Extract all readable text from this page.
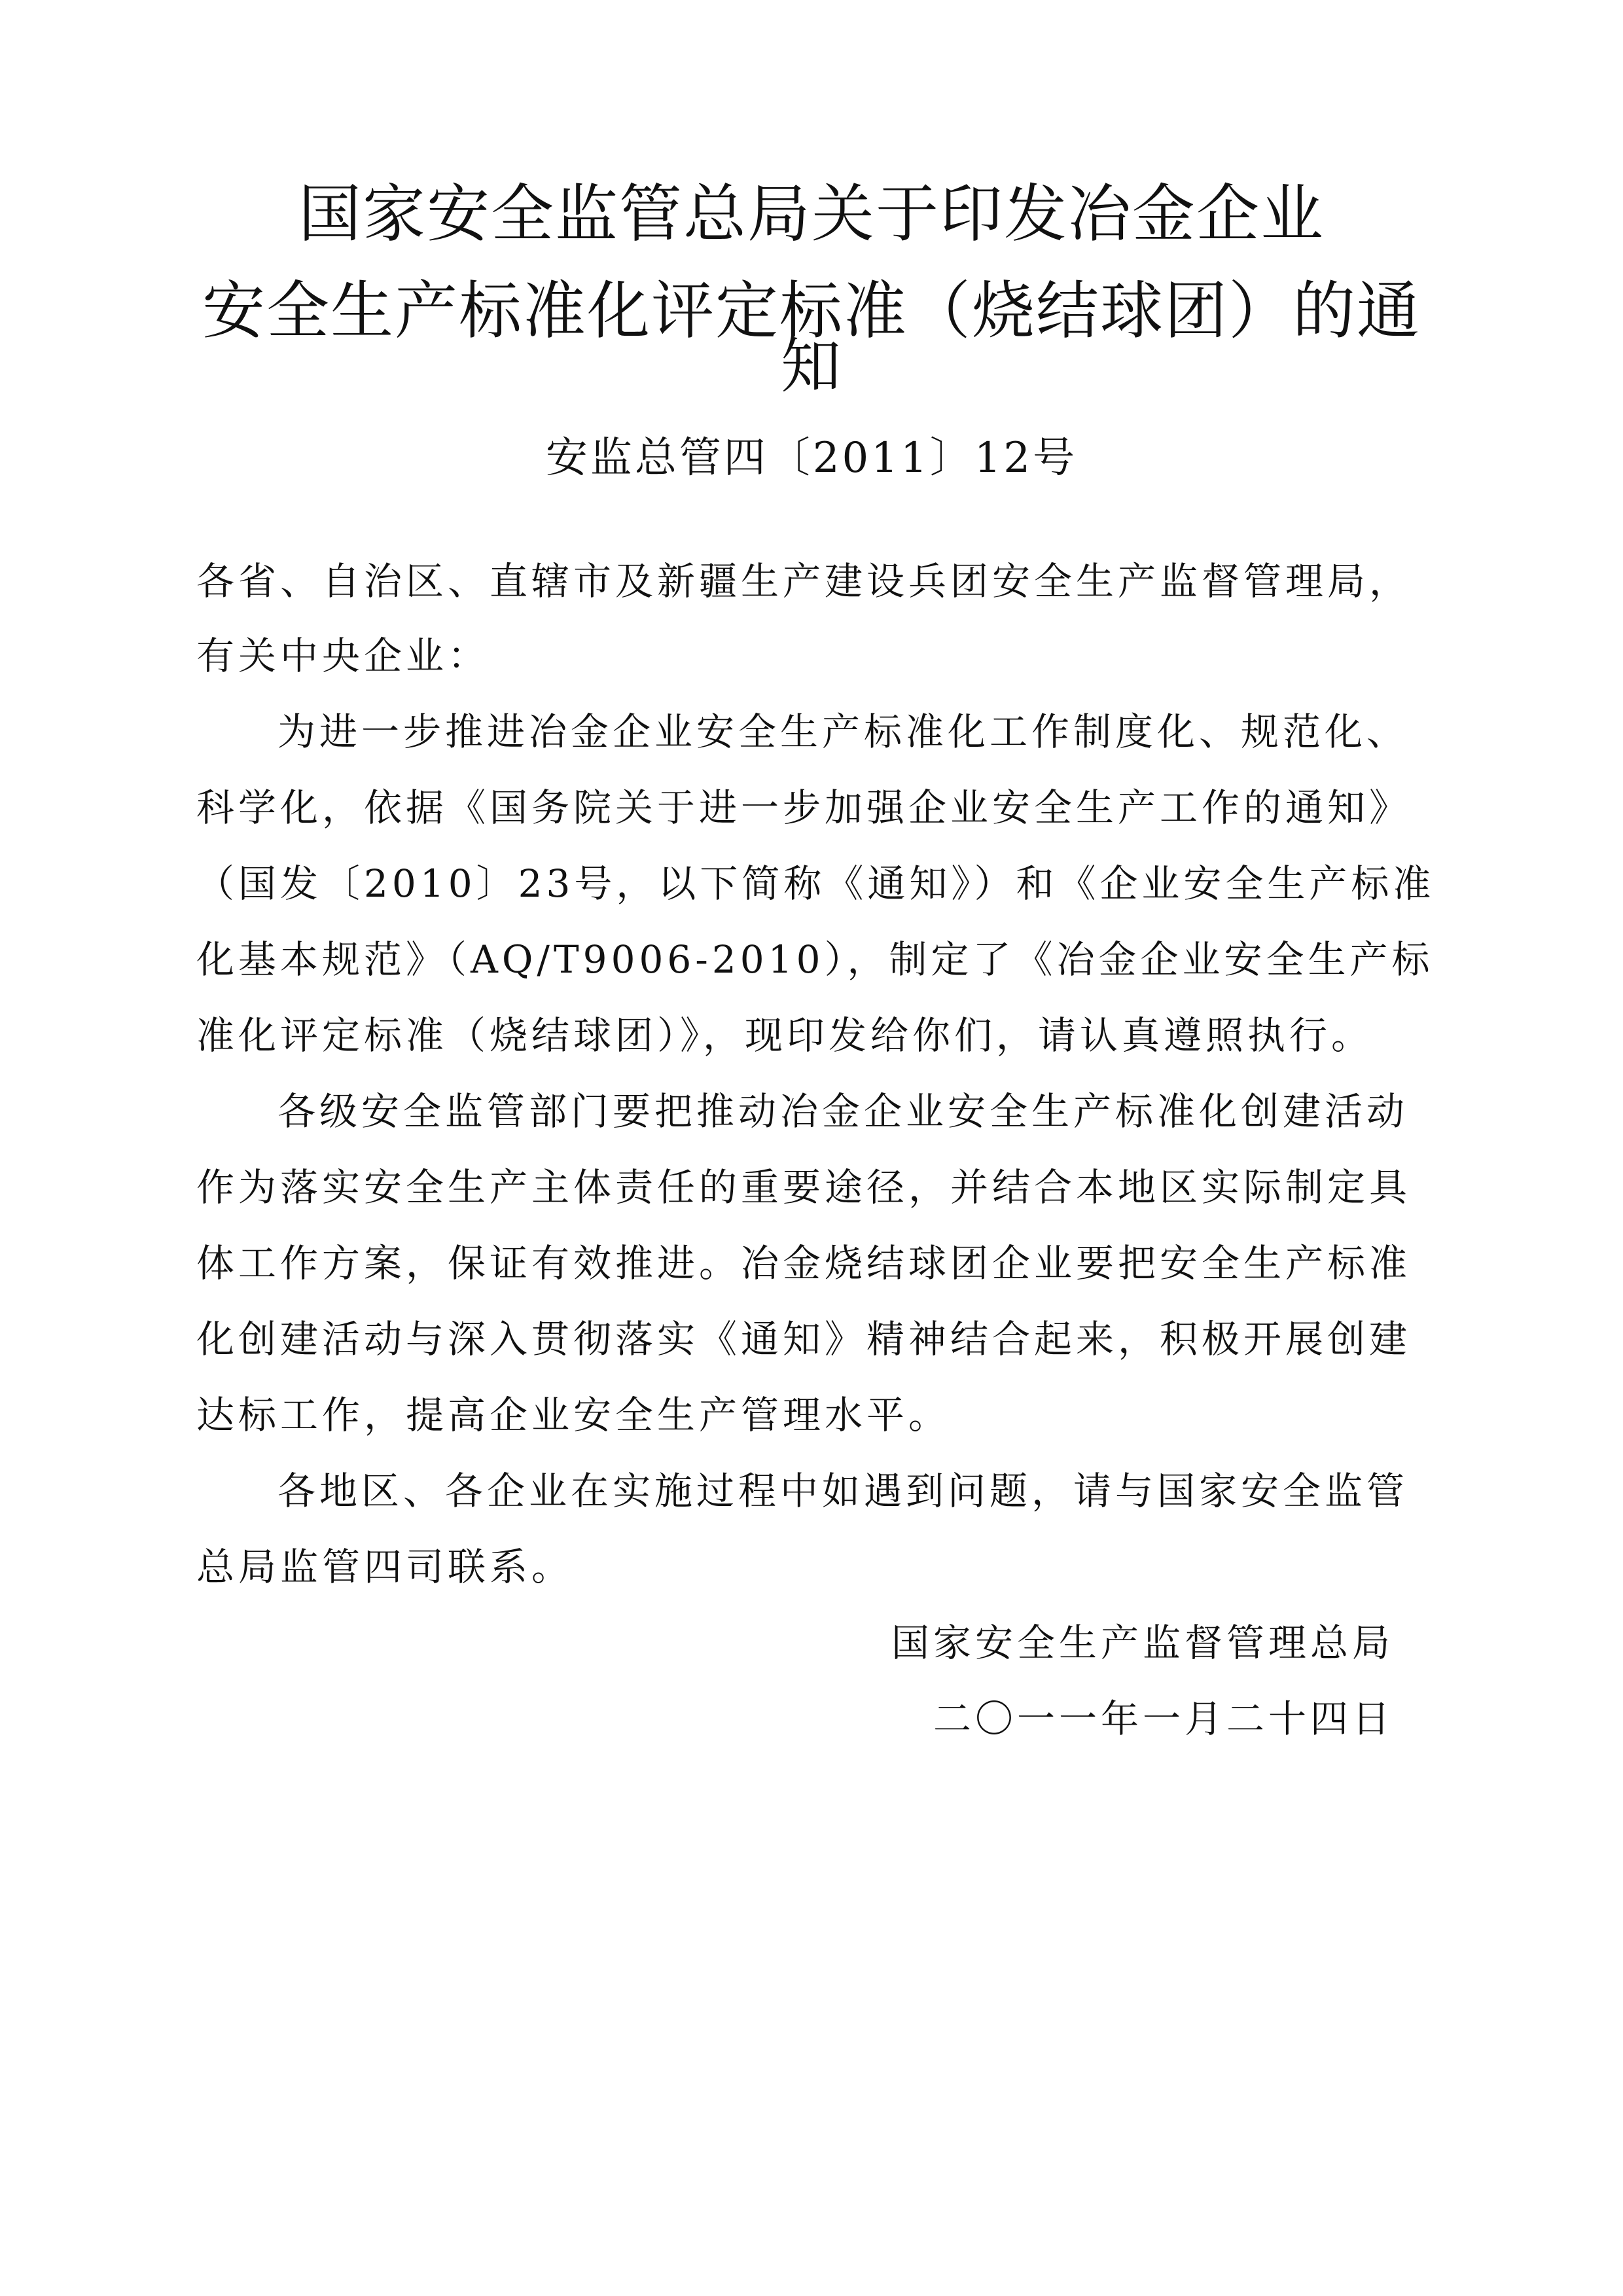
国家安全监管总局关于印发冶金企业
安全生产标准化评定标准（烧结球团）的通
知
安监总管四〔2011〕12号
各省、自治区、直辖市及新疆生产建设兵团安全生产监督管理局，
有关中央企业：
为进一步推进冶金企业安全生产标准化工作制度化、规范化、
科学化，依据《国务院关于进一步加强企业安全生产工作的通知》
（国发〔2010〕23号，以下简称《通知》）和《企业安全生产标准
化基本规范》（AQ/T9006-2010），制定了《冶金企业安全生产标
准化评定标准（烧结球团）》，现印发给你们，请认真遵照执行。
各级安全监管部门要把推动冶金企业安全生产标准化创建活动
作为落实安全生产主体责任的重要途径，并结合本地区实际制定具
体工作方案，保证有效推进。冶金烧结球团企业要把安全生产标准
化创建活动与深入贯彻落实《通知》精神结合起来，积极开展创建
达标工作，提高企业安全生产管理水平。
各地区、各企业在实施过程中如遇到问题，请与国家安全监管
总局监管四司联系。
国家安全生产监督管理总局
二〇一一年一月二十四日
